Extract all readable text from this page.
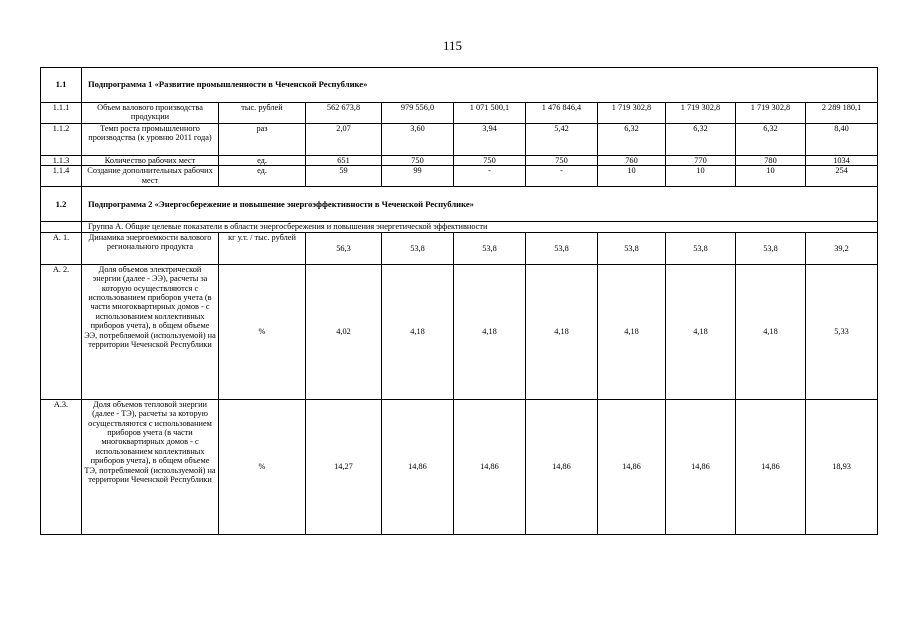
115
1.1	Подпрограмма 1 «Развитие промышленности в Чеченской Республике»									
1.1.1	Объем валового производства продукции	тыс. рублей	562 673,8	979 556,0	1 071 500,1	1 476 846,4	1 719 302,8	1 719 302,8	1 719 302,8	2 289 180,1
1.1.2	Темп роста промышленного производства (к уровню 2011 года)	раз	2,07	3,60	3,94	5,42	6,32	6,32	6,32	8,40
1.1.3	Количество рабочих мест	ед.	651	750	750	750	760	770	780	1034
1.1.4	Создание дополнительных рабочих мест	ед.	59	99	-	-	10	10	10	254
1.2	Подпрограмма 2 «Энергосбережение и повышение энергоэффективности в Чеченской Республике»									
	Группа А. Общие целевые показатели в области энергосбережения и повышения энергетической эффективности									
А. 1.	Динамика энергоемкости валового регионального продукта	кг у.т. / тыс. рублей	56,3	53,8	53,8	53,8	53,8	53,8	53,8	39,2
А. 2.	Доля объемов электрической энергии (далее - ЭЭ), расчеты за которую осуществляются с использованием приборов учета (в части многоквартирных домов - с использованием коллективных приборов учета), в общем объеме ЭЭ, потребляемой (используемой) на территории Чеченской Республики	%	4,02	4,18	4,18	4,18	4,18	4,18	4,18	5,33
А.3.	Доля объемов тепловой энергии (далее - ТЭ), расчеты за которую осуществляются с использованием приборов учета (в части многоквартирных домов - с использованием коллективных приборов учета), в общем объеме ТЭ, потребляемой (используемой) на территории Чеченской Республики	%	14,27	14,86	14,86	14,86	14,86	14,86	14,86	18,93
